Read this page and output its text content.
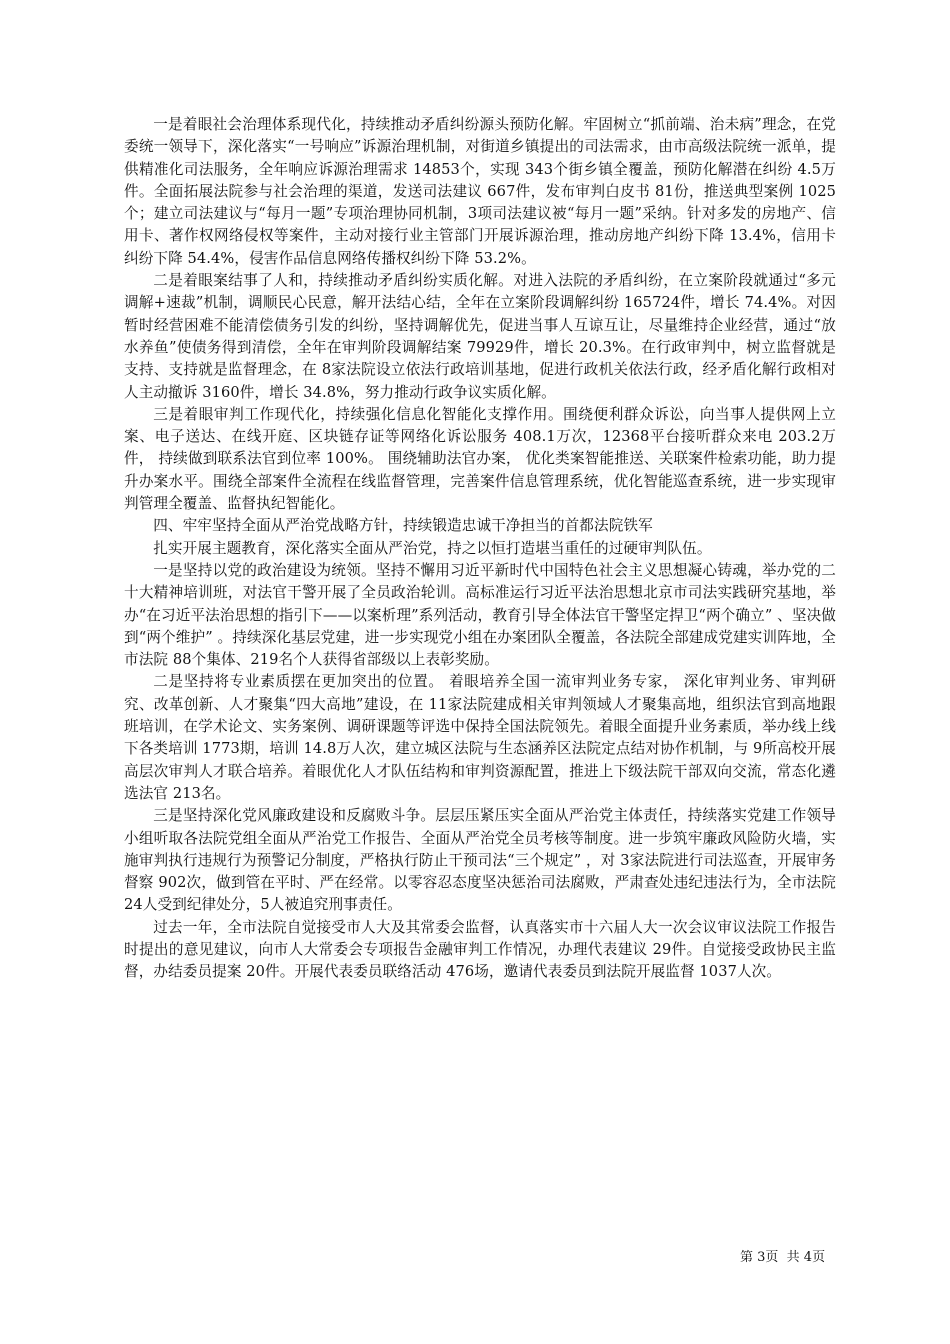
一是着眼社会治理体系现代化，持续推动矛盾纠纷源头预防化解。牢固树立“抓前端、治未病”理念，在党委统一领导下，深化落实“一号响应”诉源治理机制，对街道乡镇提出的司法需求，由市高级法院统一派单，提供精准化司法服务，全年响应诉源治理需求 14853个，实现 343个街乡镇全覆盖，预防化解潜在纠纷 4.5万件。全面拓展法院参与社会治理的渠道，发送司法建议 667件，发布审判白皮书 81份，推送典型案例 1025个；建立司法建议与“每月一题”专项治理协同机制，3项司法建议被“每月一题”采纳。针对多发的房地产、信用卡、著作权网络侵权等案件，主动对接行业主管部门开展诉源治理，推动房地产纠纷下降 13.4%，信用卡纠纷下降 54.4%，侵害作品信息网络传播权纠纷下降 53.2%。

二是着眼案结事了人和，持续推动矛盾纠纷实质化解。对进入法院的矛盾纠纷，在立案阶段就通过“多元调解+速裁”机制，调顺民心民意，解开法结心结，全年在立案阶段调解纠纷 165724件，增长 74.4%。对因暂时经营困难不能清偿债务引发的纠纷，坚持调解优先，促进当事人互谅互让，尽量维持企业经营，通过“放水养鱼”使债务得到清偿，全年在审判阶段调解结案 79929件，增长 20.3%。在行政审判中，树立监督就是支持、支持就是监督理念，在 8家法院设立依法行政培训基地，促进行政机关依法行政，经矛盾化解行政相对人主动撤诉 3160件，增长 34.8%，努力推动行政争议实质化解。

三是着眼审判工作现代化，持续强化信息化智能化支撑作用。围绕便利群众诉讼，向当事人提供网上立案、电子送达、在线开庭、区块链存证等网络化诉讼服务 408.1万次，12368平台接听群众来电 203.2万件， 持续做到联系法官到位率 100%。 围绕辅助法官办案， 优化类案智能推送、关联案件检索功能，助力提升办案水平。围绕全部案件全流程在线监督管理，完善案件信息管理系统，优化智能巡查系统，进一步实现审判管理全覆盖、监督执纪智能化。

四、牢牢坚持全面从严治党战略方针，持续锻造忠诚干净担当的首都法院铁军

扎实开展主题教育，深化落实全面从严治党，持之以恒打造堪当重任的过硬审判队伍。

一是坚持以党的政治建设为统领。坚持不懈用习近平新时代中国特色社会主义思想凝心铸魂，举办党的二十大精神培训班，对法官干警开展了全员政治轮训。高标准运行习近平法治思想北京市司法实践研究基地，举办“在习近平法治思想的指引下——以案析理”系列活动，教育引导全体法官干警坚定捍卫“两个确立” 、坚决做到“两个维护” 。持续深化基层党建，进一步实现党小组在办案团队全覆盖，各法院全部建成党建实训阵地，全市法院 88个集体、219名个人获得省部级以上表彰奖励。

二是坚持将专业素质摆在更加突出的位置。 着眼培养全国一流审判业务专家， 深化审判业务、审判研究、改革创新、人才聚集“四大高地”建设，在 11家法院建成相关审判领域人才聚集高地，组织法官到高地跟班培训，在学术论文、实务案例、调研课题等评选中保持全国法院领先。着眼全面提升业务素质，举办线上线下各类培训 1773期，培训 14.8万人次，建立城区法院与生态涵养区法院定点结对协作机制，与 9所高校开展高层次审判人才联合培养。着眼优化人才队伍结构和审判资源配置，推进上下级法院干部双向交流，常态化遴选法官 213名。

三是坚持深化党风廉政建设和反腐败斗争。层层压紧压实全面从严治党主体责任，持续落实党建工作领导小组听取各法院党组全面从严治党工作报告、全面从严治党全员考核等制度。进一步筑牢廉政风险防火墙，实施审判执行违规行为预警记分制度，严格执行防止干预司法“三个规定” ，对 3家法院进行司法巡查，开展审务督察 902次，做到管在平时、严在经常。以零容忍态度坚决惩治司法腐败，严肃查处违纪违法行为，全市法院 24人受到纪律处分，5人被追究刑事责任。

过去一年，全市法院自觉接受市人大及其常委会监督，认真落实市十六届人大一次会议审议法院工作报告时提出的意见建议，向市人大常委会专项报告金融审判工作情况，办理代表建议 29件。自觉接受政协民主监督，办结委员提案 20件。开展代表委员联络活动 476场，邀请代表委员到法院开展监督 1037人次。

第 3页  共 4页
